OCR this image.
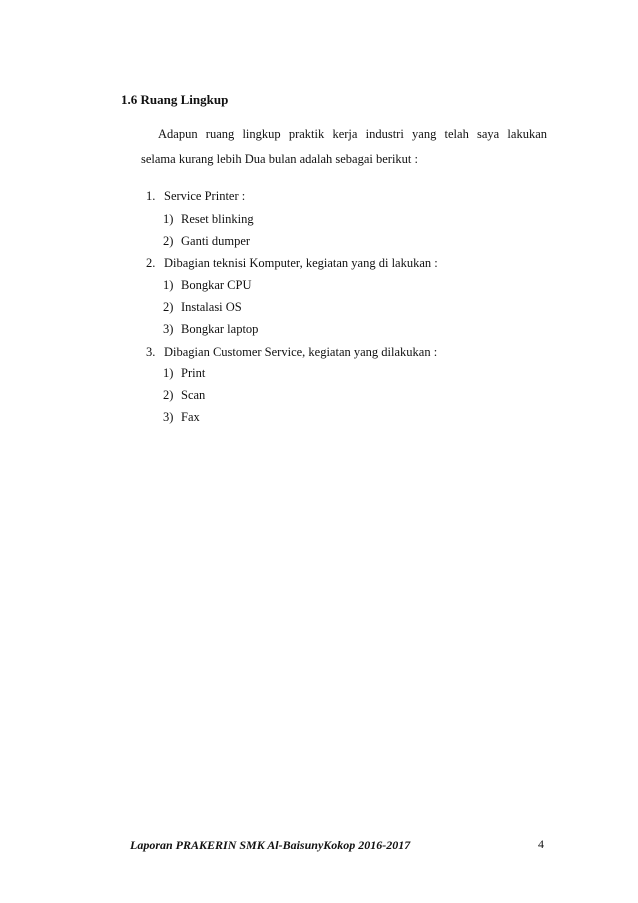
1.6 Ruang Lingkup
Adapun ruang lingkup praktik kerja industri yang telah saya lakukan
selama kurang lebih Dua bulan adalah sebagai berikut :
1. Service Printer :
1) Reset blinking
2) Ganti dumper
2. Dibagian teknisi Komputer, kegiatan yang di lakukan :
1) Bongkar CPU
2) Instalasi OS
3) Bongkar laptop
3. Dibagian Customer Service, kegiatan yang dilakukan :
1) Print
2) Scan
3) Fax
Laporan PRAKERIN SMK Al-BaisunyKokop 2016-2017	4
